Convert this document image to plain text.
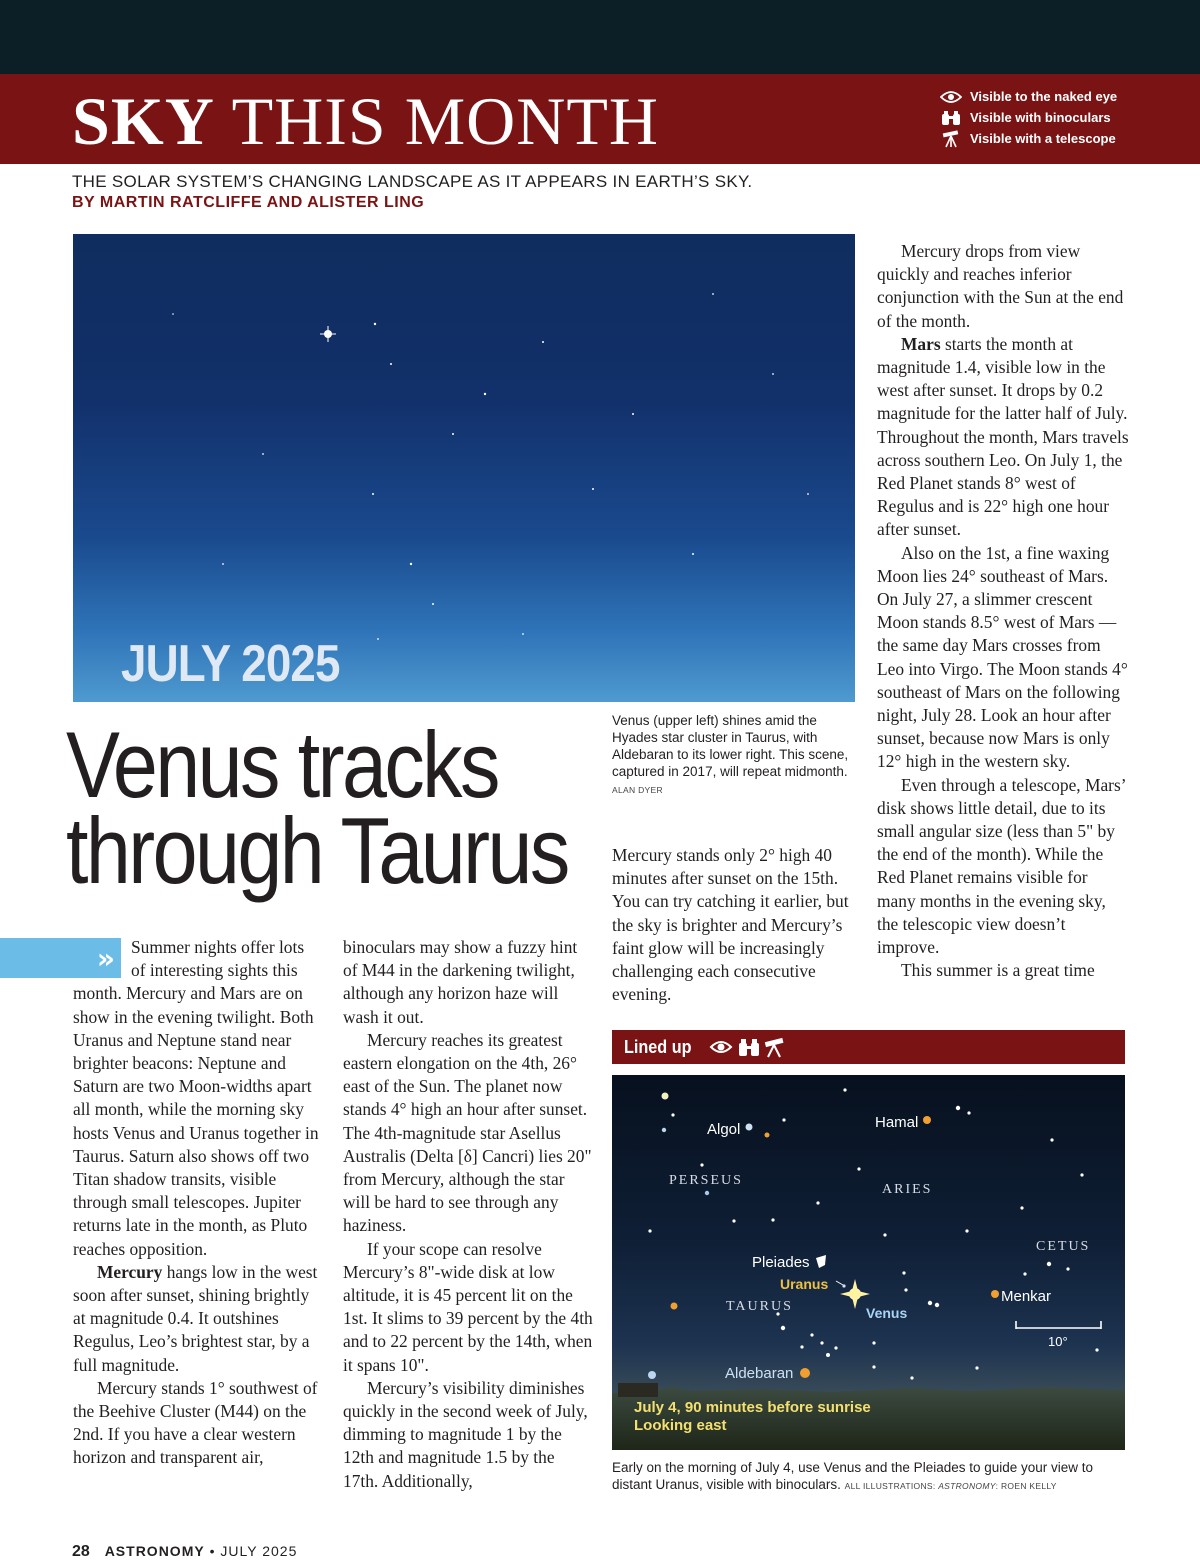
SKY THIS MONTH	Visible to the naked eye
Visible with binoculars
Visible with a telescope
THE SOLAR SYSTEM’S CHANGING LANDSCAPE AS IT APPEARS IN EARTH’S SKY.
BY MARTIN RATCLIFFE AND ALISTER LING
JULY 2025
Venus (upper left) shines amid the Hyades star cluster in Taurus, with Aldebaran to its lower right. This scene, captured in 2017, will repeat midmonth. ALAN DYER
Venus tracks
through Taurus
» Summer nights offer lots
of interesting sights this
month. Mercury and Mars are on show in the evening twilight. Both Uranus and Neptune stand near brighter beacons: Neptune and Saturn are two Moon-widths apart all month, while the morning sky hosts Venus and Uranus together in Taurus. Saturn also shows off two Titan shadow transits, visible through small telescopes. Jupiter returns late in the month, as Pluto reaches opposition.

Mercury hangs low in the west soon after sunset, shining brightly at magnitude 0.4. It outshines Regulus, Leo’s brightest star, by a full magnitude.

Mercury stands 1° southwest of the Beehive Cluster (M44) on the 2nd. If you have a clear western horizon and transparent air,

binoculars may show a fuzzy hint of M44 in the darkening twilight, although any horizon haze will wash it out.

Mercury reaches its greatest eastern elongation on the 4th, 26° east of the Sun. The planet now stands 4° high an hour after sunset. The 4th-magnitude star Asellus Australis (Delta [δ] Cancri) lies 20" from Mercury, although the star will be hard to see through any haziness.

If your scope can resolve Mercury’s 8"-wide disk at low altitude, it is 45 percent lit on the 1st. It slims to 39 percent by the 4th and to 22 percent by the 14th, when it spans 10".

Mercury’s visibility diminishes quickly in the second week of July, dimming to magnitude 1 by the 12th and magnitude 1.5 by the 17th. Additionally,

Mercury stands only 2° high 40 minutes after sunset on the 15th. You can try catching it earlier, but the sky is brighter and Mercury’s faint glow will be increasingly challenging each consecutive evening.

Mercury drops from view quickly and reaches inferior conjunction with the Sun at the end of the month.

Mars starts the month at magnitude 1.4, visible low in the west after sunset. It drops by 0.2 magnitude for the latter half of July. Throughout the month, Mars travels across southern Leo. On July 1, the Red Planet stands 8° west of Regulus and is 22° high one hour after sunset.

Also on the 1st, a fine waxing Moon lies 24° southeast of Mars. On July 27, a slimmer crescent Moon stands 8.5° west of Mars — the same day Mars crosses from Leo into Virgo. The Moon stands 4° southeast of Mars on the following night, July 28. Look an hour after sunset, because now Mars is only 12° high in the western sky.

Even through a telescope, Mars’ disk shows little detail, due to its small angular size (less than 5" by the end of the month). While the Red Planet remains visible for many months in the evening sky, the telescopic view doesn’t improve.

This summer is a great time

Lined up
Algol	Hamal
Pleiades
Menkar
10°
Aldebaran
Uranus
Venus
PERSEUS
ARIES
CETUS
TAURUS
July 4, 90 minutes before sunrise
Looking east
Early on the morning of July 4, use Venus and the Pleiades to guide your view to distant Uranus, visible with binoculars. ALL ILLUSTRATIONS: ASTRONOMY: ROEN KELLY
28 ASTRONOMY • JULY 2025
